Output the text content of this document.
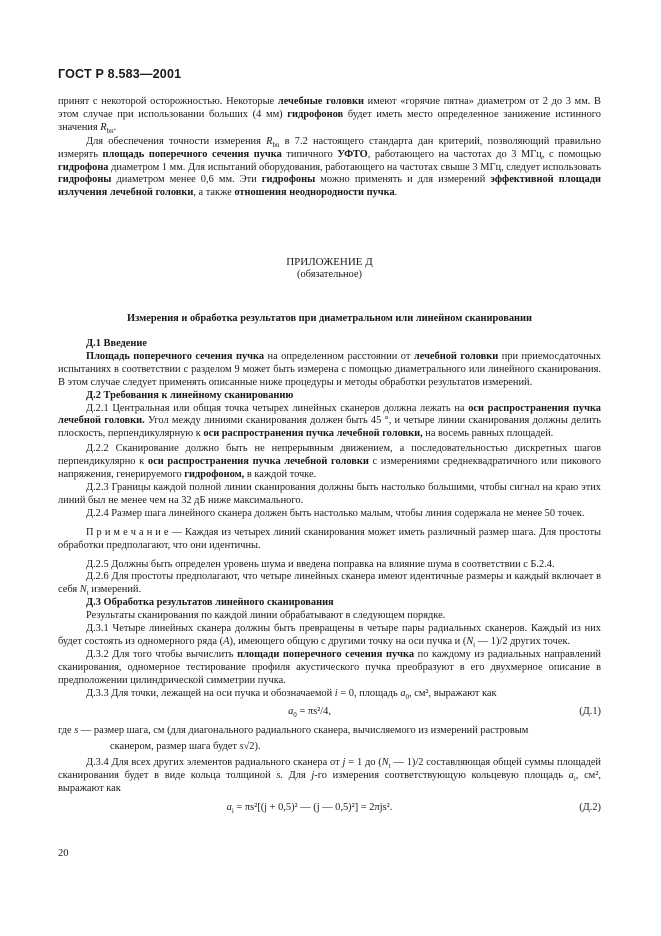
ГОСТ Р 8.583—2001

принят с некоторой осторожностью. Некоторые лечебные головки имеют «горячие пятна» диаметром от 2 до 3 мм. В этом случае при использовании больших (4 мм) гидрофонов будет иметь место определенное занижение истинного значения $R_{bn}$.

Для обеспечения точности измерения $R_{bn}$ в 7.2 настоящего стандарта дан критерий, позволяющий правильно измерять площадь поперечного сечения пучка типичного УФТО, работающего на частотах до 3 МГц, с помощью гидрофона диаметром 1 мм. Для испытаний оборудования, работающего на частотах свыше 3 МГц, следует использовать гидрофоны диаметром менее 0,6 мм. Эти гидрофоны можно применять и для измерений эффективной площади излучения лечебной головки, а также отношения неоднородности пучка.

ПРИЛОЖЕНИЕ Д

(обязательное)

Измерения и обработка результатов при диаметральном или линейном сканировании

Д.1 Введение

Площадь поперечного сечения пучка на определенном расстоянии от лечебной головки при приемосдаточных испытаниях в соответствии с разделом 9 может быть измерена с помощью диаметрального или линейного сканирования. В этом случае следует применять описанные ниже процедуры и методы обработки результатов измерений.

Д.2 Требования к линейному сканированию

Д.2.1 Центральная или общая точка четырех линейных сканеров должна лежать на оси распространения пучка лечебной головки. Угол между линиями сканирования должен быть 45 °, и четыре линии сканирования должны делить плоскость, перпендикулярную к оси распространения пучка лечебной головки, на восемь равных площадей.

Д.2.2 Сканирование должно быть не непрерывным движением, а последовательностью дискретных шагов перпендикулярно к оси распространения пучка лечебной головки с измерениями среднеквадратичного или пикового напряжения, генерируемого гидрофоном, в каждой точке.

Д.2.3 Границы каждой полной линии сканирования должны быть настолько большими, чтобы сигнал на краю этих линий был не менее чем на 32 дБ ниже максимального.

Д.2.4 Размер шага линейного сканера должен быть настолько малым, чтобы линия содержала не менее 50 точек.

П р и м е ч а н и е — Каждая из четырех линий сканирования может иметь различный размер шага. Для простоты обработки предполагают, что они идентичны.

Д.2.5 Должны быть определен уровень шума и введена поправка на влияние шума в соответствии с Б.2.4.

Д.2.6 Для простоты предполагают, что четыре линейных сканера имеют идентичные размеры и каждый включает в себя $N_t$ измерений.

Д.3 Обработка результатов линейного сканирования

Результаты сканирования по каждой линии обрабатывают в следующем порядке.

Д.3.1 Четыре линейных сканера должны быть превращены в четыре пары радиальных сканеров. Каждый из них будет состоять из одномерного ряда (A), имеющего общую с другими точку на оси пучка и ($N_t$ — 1)/2 других точек.

Д.3.2 Для того чтобы вычислить площади поперечного сечения пучка по каждому из радиальных направлений сканирования, одномерное тестирование профиля акустического пучка преобразуют в его двухмерное описание в предположении цилиндрической симметрии пучка.

Д.3.3 Для точки, лежащей на оси пучка и обозначаемой i = 0, площадь $a_0$, см², выражают как

$a_0 = \pi s^2/4$,	(Д.1)

где s — размер шага, см (для диагонального радиального сканера, вычисляемого из измерений растровым

сканером, размер шага будет s√2).

Д.3.4 Для всех других элементов радиального сканера от j = 1 до ($N_t$ — 1)/2 составляющая общей суммы площадей сканирования будет в виде кольца толщиной s. Для j-го измерения соответствующую кольцевую площадь $a_i$, см², выражают как

$a_i = \pi s^2[(j + 0,5)^2$ — (j — 0,5)²] = 2πjs².	(Д.2)

20
